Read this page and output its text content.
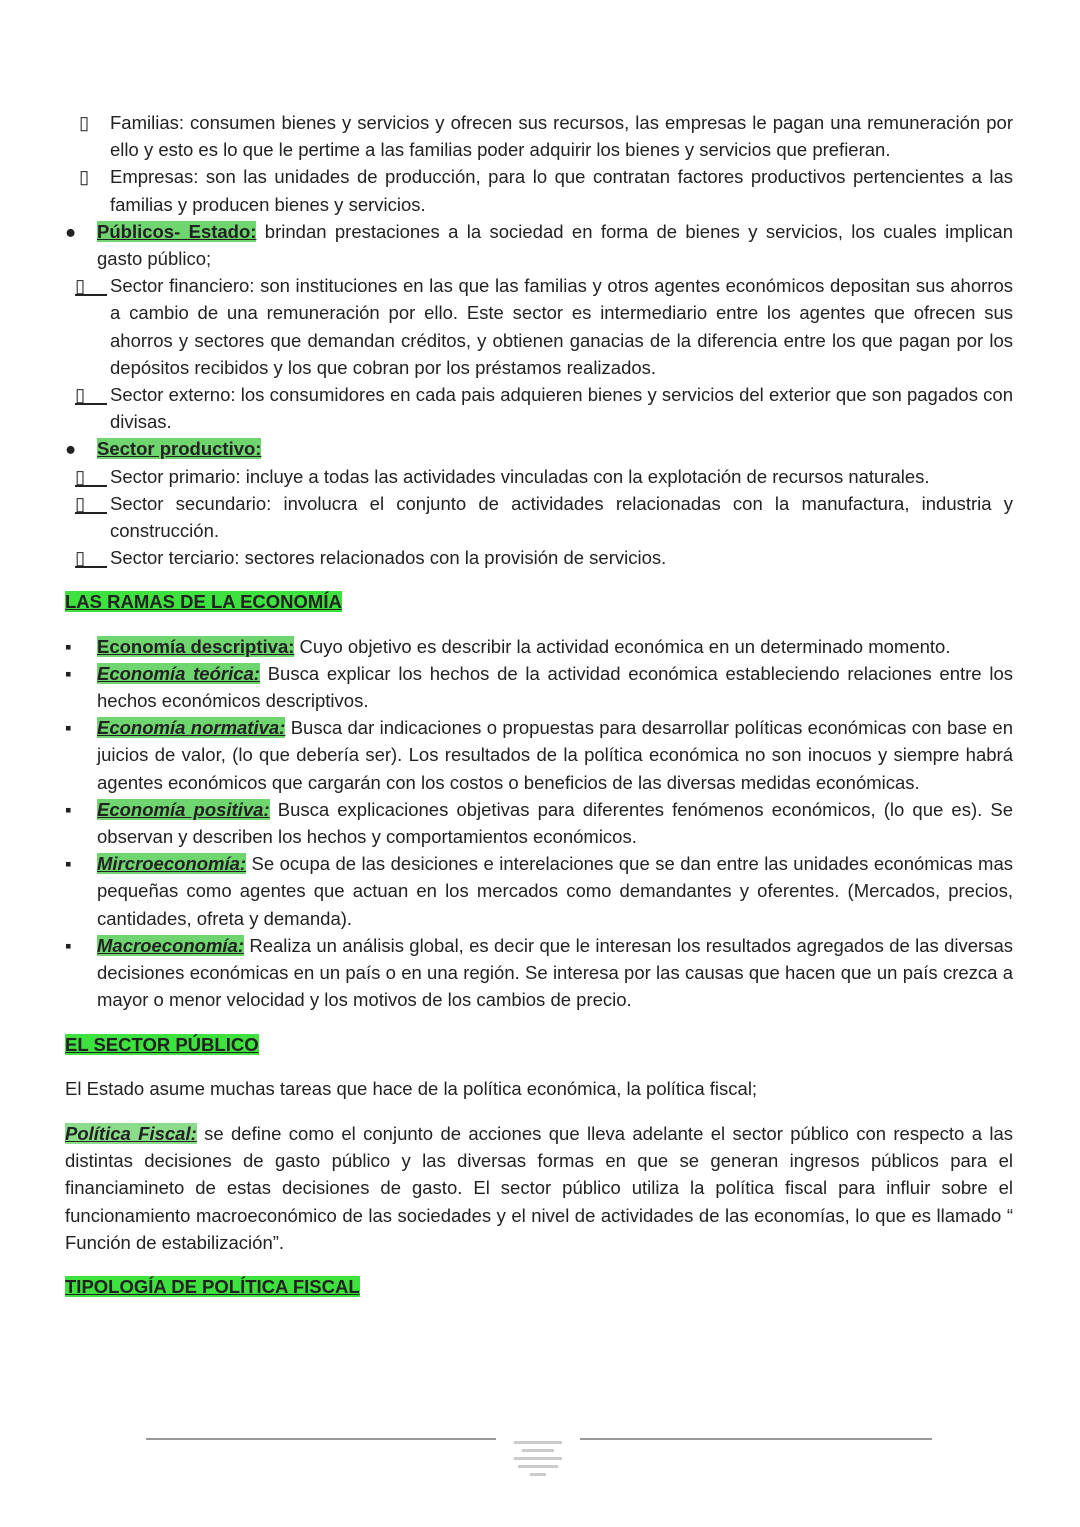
▯ Familias: consumen bienes y servicios y ofrecen sus recursos, las empresas le pagan una remuneración por ello y esto es lo que le pertime a las familias poder adquirir los bienes y servicios que prefieran.
▯ Empresas: son las unidades de producción, para lo que contratan factores productivos pertencientes a las familias y producen bienes y servicios.
● Públicos- Estado: brindan prestaciones a la sociedad en forma de bienes y servicios, los cuales implican gasto público;
▯	Sector financiero: son instituciones en las que las familias y otros agentes económicos depositan sus ahorros a cambio de una remuneración por ello. Este sector es intermediario entre los agentes que ofrecen sus ahorros y sectores que demandan créditos, y obtienen ganacias de la diferencia entre los que pagan por los depósitos recibidos y los que cobran por los préstamos realizados.
▯	Sector externo: los consumidores en cada pais adquieren bienes y servicios del exterior que son pagados con divisas.
● Sector productivo:
▯	Sector primario: incluye a todas las actividades vinculadas con la explotación de recursos naturales.
▯	Sector secundario: involucra el conjunto de actividades relacionadas con la manufactura, industria y construcción.
▯	Sector terciario: sectores relacionados con la provisión de servicios.
LAS RAMAS DE LA ECONOMÍA
▪ Economía descriptiva: Cuyo objetivo es describir la actividad económica en un determinado momento.
▪ Economía teórica: Busca explicar los hechos de la actividad económica estableciendo relaciones entre los hechos económicos descriptivos.
▪ Economía normativa: Busca dar indicaciones o propuestas para desarrollar políticas económicas con base en juicios de valor, (lo que debería ser). Los resultados de la política económica no son inocuos y siempre habrá agentes económicos que cargarán con los costos o beneficios de las diversas medidas económicas.
▪ Economía positiva: Busca explicaciones objetivas para diferentes fenómenos económicos, (lo que es). Se observan y describen los hechos y comportamientos económicos.
▪ Mircroeconomía: Se ocupa de las desiciones e interelaciones que se dan entre las unidades económicas mas pequeñas como agentes que actuan en los mercados como demandantes y oferentes. (Mercados, precios, cantidades, ofreta y demanda).
▪ Macroeconomía: Realiza un análisis global, es decir que le interesan los resultados agregados de las diversas decisiones económicas en un país o en una región. Se interesa por las causas que hacen que un país crezca a mayor o menor velocidad y los motivos de los cambios de precio.
EL SECTOR PÚBLICO

El Estado asume muchas tareas que hace de la política económica, la política fiscal;

Política Fiscal: se define como el conjunto de acciones que lleva adelante el sector público con respecto a las distintas decisiones de gasto público y las diversas formas en que se generan ingresos públicos para el financiamineto de estas decisiones de gasto. El sector público utiliza la política fiscal para influir sobre el funcionamiento macroeconómico de las sociedades y el nivel de actividades de las economías, lo que es llamado “ Función de estabilización”.

TIPOLOGÍA DE POLÍTICA FISCAL
